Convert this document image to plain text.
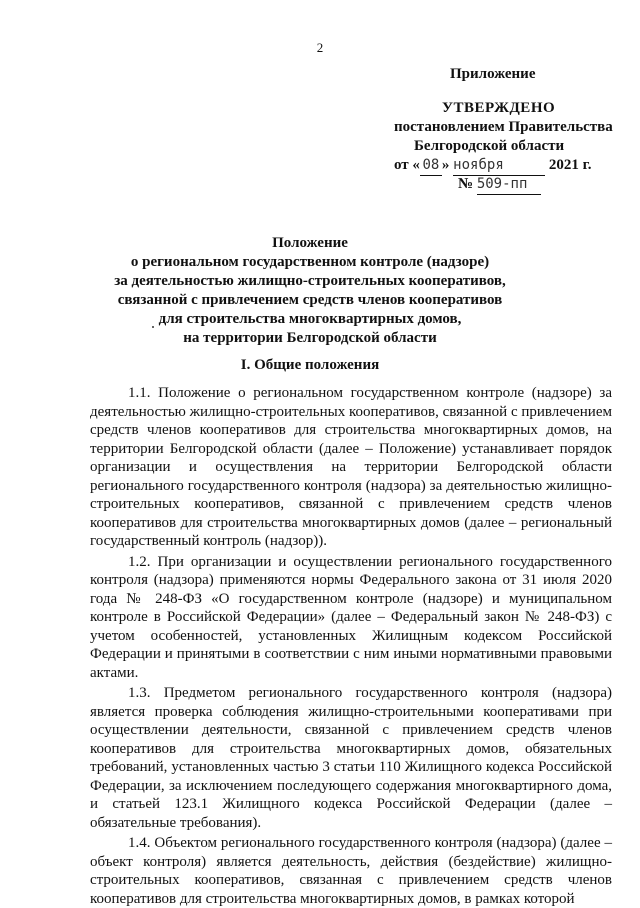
2
Приложение
УТВЕРЖДЕНО
постановлением Правительства
Белгородской области
от « 08 » ноября	2021 г.
№ 509-пп
Положение
о региональном государственном контроле (надзоре)
за деятельностью жилищно-строительных кооперативов,
связанной с привлечением средств членов кооперативов
для строительства многоквартирных домов,
на территории Белгородской области
I. Общие положения

1.1. Положение о региональном государственном контроле (надзоре) за деятельностью жилищно-строительных кооперативов, связанной с привлечением средств членов кооперативов для строительства многоквартирных домов, на территории Белгородской области (далее – Положение) устанавливает порядок организации и осуществления на территории Белгородской области регионального государственного контроля (надзора) за деятельностью жилищно-строительных кооперативов, связанной с привлечением средств членов кооперативов для строительства многоквартирных домов (далее – региональный государственный контроль (надзор)).

1.2. При организации и осуществлении регионального государственного контроля (надзора) применяются нормы Федерального закона от 31 июля 2020 года № 248-ФЗ «О государственном контроле (надзоре) и муниципальном контроле в Российской Федерации» (далее – Федеральный закон № 248-ФЗ) с учетом особенностей, установленных Жилищным кодексом Российской Федерации и принятыми в соответствии с ним иными нормативными правовыми актами.

1.3. Предметом регионального государственного контроля (надзора) является проверка соблюдения жилищно-строительными кооперативами при осуществлении деятельности, связанной с привлечением средств членов кооперативов для строительства многоквартирных домов, обязательных требований, установленных частью 3 статьи 110 Жилищного кодекса Российской Федерации, за исключением последующего содержания многоквартирного дома, и статьей 123.1 Жилищного кодекса Российской Федерации (далее – обязательные требования).

1.4. Объектом регионального государственного контроля (надзора) (далее – объект контроля) является деятельность, действия (бездействие) жилищно-строительных кооперативов, связанная с привлечением средств членов кооперативов для строительства многоквартирных домов, в рамках которой
